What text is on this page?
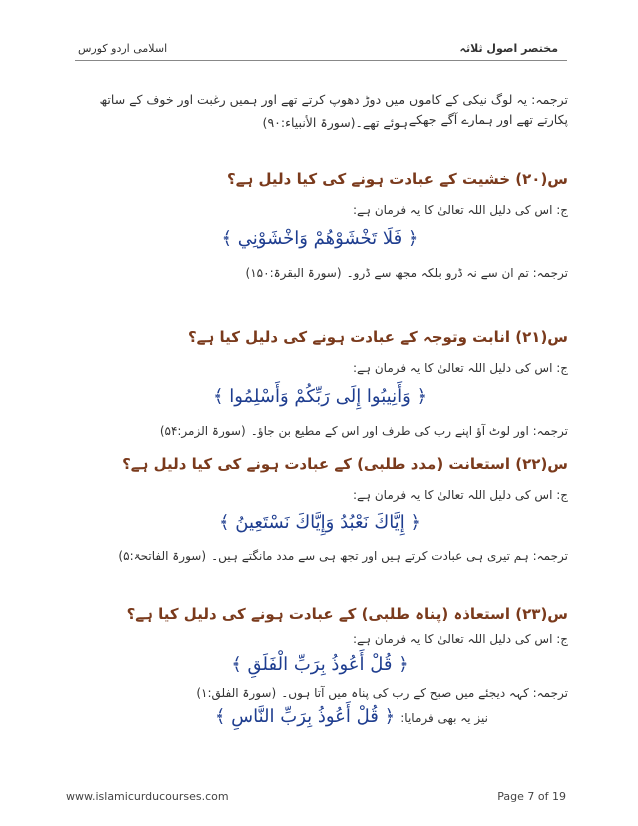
اسلامی اردو کورس	مختصر اصول ثلاثہ
ترجمہ: یہ لوگ نیکی کے کاموں میں دوڑ دھوپ کرتے تھے اور ہمیں رغبت اور خوف کے ساتھ پکارتے تھے اور ہمارے آگے جھکے
ہوئے تھے۔(سورۃ الأنبیاء:۹۰)
س(۲۰) خشیت کے عبادت ہونے کی کیا دلیل ہے؟
ج: اس کی دلیل اللہ تعالیٰ کا یہ فرمان ہے:
﴿ فَلَا تَخْشَوْهُمْ وَاخْشَوْنِي ﴾
ترجمہ: تم ان سے نہ ڈرو بلکہ مجھ سے ڈرو۔ (سورۃ البقرۃ:۱۵۰)
س(۲۱) انابت وتوجہ کے عبادت ہونے کی دلیل کیا ہے؟
ج: اس کی دلیل اللہ تعالیٰ کا یہ فرمان ہے:
﴿ وَأَنِيبُوا إِلَى رَبِّكُمْ وَأَسْلِمُوا ﴾
ترجمہ: اور لوٹ آؤ اپنے رب کی طرف اور اس کے مطیع بن جاؤ۔ (سورۃ الزمر:۵۴)
س(۲۲) استعانت (مدد طلبی) کے عبادت ہونے کی کیا دلیل ہے؟
ج: اس کی دلیل اللہ تعالیٰ کا یہ فرمان ہے:
﴿ إِيَّاكَ نَعْبُدُ وَإِيَّاكَ نَسْتَعِينُ ﴾
ترجمہ: ہم تیری ہی عبادت کرتے ہیں اور تجھ ہی سے مدد مانگتے ہیں۔ (سورۃ الفاتحۃ:۵)
س(۲۳) استعاذہ (پناہ طلبی) کے عبادت ہونے کی دلیل کیا ہے؟
ج: اس کی دلیل اللہ تعالیٰ کا یہ فرمان ہے:
﴿ قُلْ أَعُوذُ بِرَبِّ الْفَلَقِ ﴾
ترجمہ: کہہ دیجئے میں صبح کے رب کی پناہ میں آتا ہوں۔ (سورۃ الفلق:۱)
نیز یہ بھی فرمایا: ﴿ قُلْ أَعُوذُ بِرَبِّ النَّاسِ ﴾
www.islamicurducourses.com	Page 7 of 19
